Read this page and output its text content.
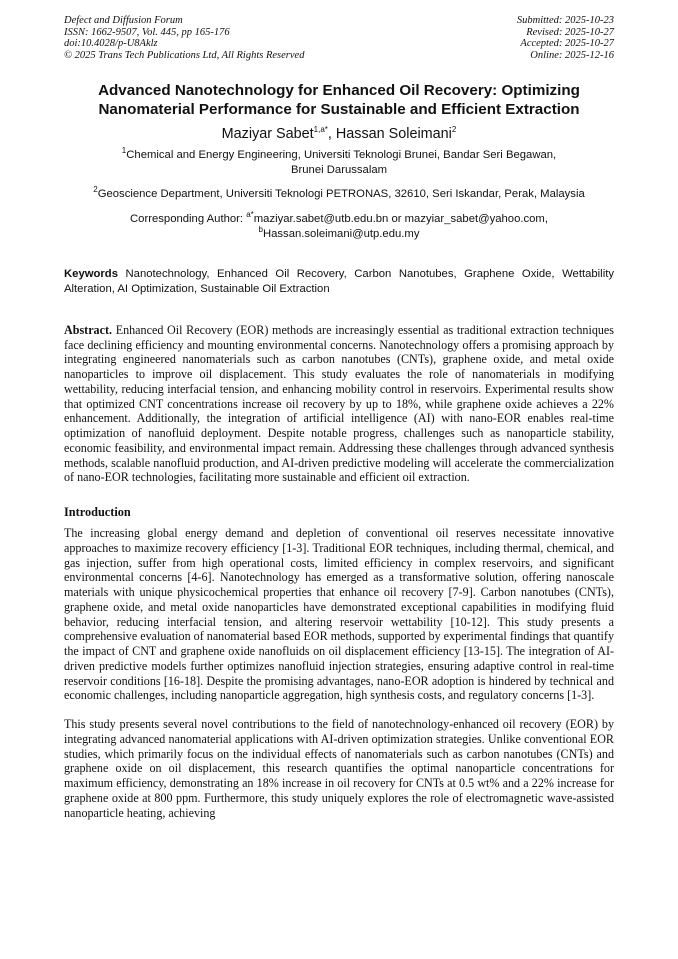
Defect and Diffusion Forum
ISSN: 1662-9507, Vol. 445, pp 165-176
doi:10.4028/p-U8Aklz
© 2025 Trans Tech Publications Ltd, All Rights Reserved
Submitted: 2025-10-23
Revised: 2025-10-27
Accepted: 2025-10-27
Online: 2025-12-16
Advanced Nanotechnology for Enhanced Oil Recovery: Optimizing
Nanomaterial Performance for Sustainable and Efficient Extraction
Maziyar Sabet$^{1,a*}$, Hassan Soleimani$^2$
$^1$Chemical and Energy Engineering, Universiti Teknologi Brunei, Bandar Seri Begawan,
Brunei Darussalam
$^2$Geoscience Department, Universiti Teknologi PETRONAS, 32610, Seri Iskandar, Perak, Malaysia
Corresponding Author: $^{a*}$maziyar.sabet@utb.edu.bn or mazyiar_sabet@yahoo.com,
$^b$Hassan.soleimani@utp.edu.my
Keywords Nanotechnology, Enhanced Oil Recovery, Carbon Nanotubes, Graphene Oxide, Wettability Alteration, AI Optimization, Sustainable Oil Extraction
Abstract. Enhanced Oil Recovery (EOR) methods are increasingly essential as traditional extraction techniques face declining efficiency and mounting environmental concerns. Nanotechnology offers a promising approach by integrating engineered nanomaterials such as carbon nanotubes (CNTs), graphene oxide, and metal oxide nanoparticles to improve oil displacement. This study evaluates the role of nanomaterials in modifying wettability, reducing interfacial tension, and enhancing mobility control in reservoirs. Experimental results show that optimized CNT concentrations increase oil recovery by up to 18%, while graphene oxide achieves a 22% enhancement. Additionally, the integration of artificial intelligence (AI) with nano-EOR enables real-time optimization of nanofluid deployment. Despite notable progress, challenges such as nanoparticle stability, economic feasibility, and environmental impact remain. Addressing these challenges through advanced synthesis methods, scalable nanofluid production, and AI-driven predictive modeling will accelerate the commercialization of nano-EOR technologies, facilitating more sustainable and efficient oil extraction.
Introduction
The increasing global energy demand and depletion of conventional oil reserves necessitate innovative approaches to maximize recovery efficiency [1-3]. Traditional EOR techniques, including thermal, chemical, and gas injection, suffer from high operational costs, limited efficiency in complex reservoirs, and significant environmental concerns [4-6]. Nanotechnology has emerged as a transformative solution, offering nanoscale materials with unique physicochemical properties that enhance oil recovery [7-9]. Carbon nanotubes (CNTs), graphene oxide, and metal oxide nanoparticles have demonstrated exceptional capabilities in modifying fluid behavior, reducing interfacial tension, and altering reservoir wettability [10-12]. This study presents a comprehensive evaluation of nanomaterial based EOR methods, supported by experimental findings that quantify the impact of CNT and graphene oxide nanofluids on oil displacement efficiency [13-15]. The integration of AI-driven predictive models further optimizes nanofluid injection strategies, ensuring adaptive control in real-time reservoir conditions [16-18]. Despite the promising advantages, nano-EOR adoption is hindered by technical and economic challenges, including nanoparticle aggregation, high synthesis costs, and regulatory concerns [1-3].
This study presents several novel contributions to the field of nanotechnology-enhanced oil recovery (EOR) by integrating advanced nanomaterial applications with AI-driven optimization strategies. Unlike conventional EOR studies, which primarily focus on the individual effects of nanomaterials such as carbon nanotubes (CNTs) and graphene oxide on oil displacement, this research quantifies the optimal nanoparticle concentrations for maximum efficiency, demonstrating an 18% increase in oil recovery for CNTs at 0.5 wt% and a 22% increase for graphene oxide at 800 ppm. Furthermore, this study uniquely explores the role of electromagnetic wave-assisted nanoparticle heating, achieving
